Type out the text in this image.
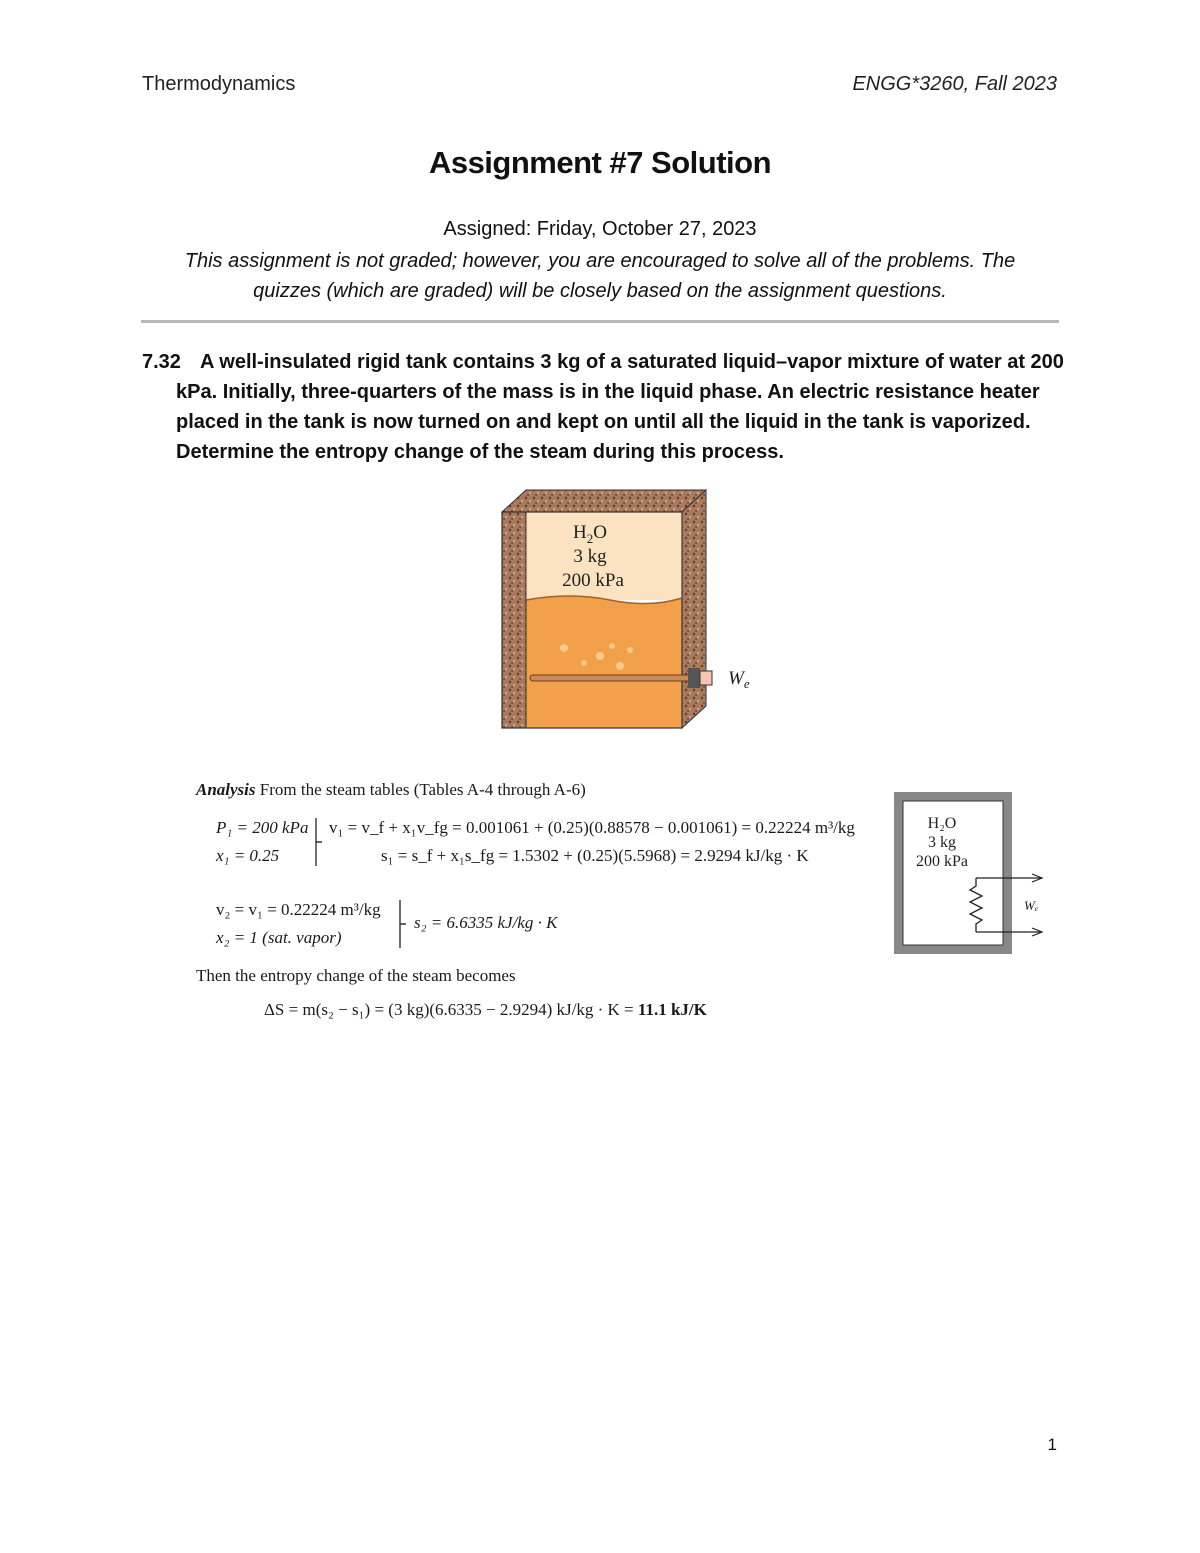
Thermodynamics	ENGG*3260, Fall 2023
Assignment #7 Solution
Assigned: Friday, October 27, 2023
This assignment is not graded; however, you are encouraged to solve all of the problems. The quizzes (which are graded) will be closely based on the assignment questions.
7.32 A well-insulated rigid tank contains 3 kg of a saturated liquid–vapor mixture of water at 200
kPa. Initially, three-quarters of the mass is in the liquid phase. An electric resistance heater
placed in the tank is now turned on and kept on until all the liquid in the tank is vaporized.
Determine the entropy change of the steam during this process.
$H_2O$
3 kg
200 kPa
$W_e$
Analysis From the steam tables (Tables A-4 through A-6)
P₁ = 200 kPa
x₁ = 0.25
v₁ = v_f + x₁v_fg = 0.001061 + (0.25)(0.88578 − 0.001061) = 0.22224 m³/kg
s₁ = s_f + x₁s_fg = 1.5302 + (0.25)(5.5968) = 2.9294 kJ/kg · K
v₂ = v₁ = 0.22224 m³/kg
x₂ = 1 (sat. vapor)
s₂ = 6.6335 kJ/kg · K
Then the entropy change of the steam becomes
ΔS = m(s₂ − s₁) = (3 kg)(6.6335 − 2.9294) kJ/kg · K = 11.1 kJ/K
H₂O
3 kg
200 kPa
Wₑ
1
